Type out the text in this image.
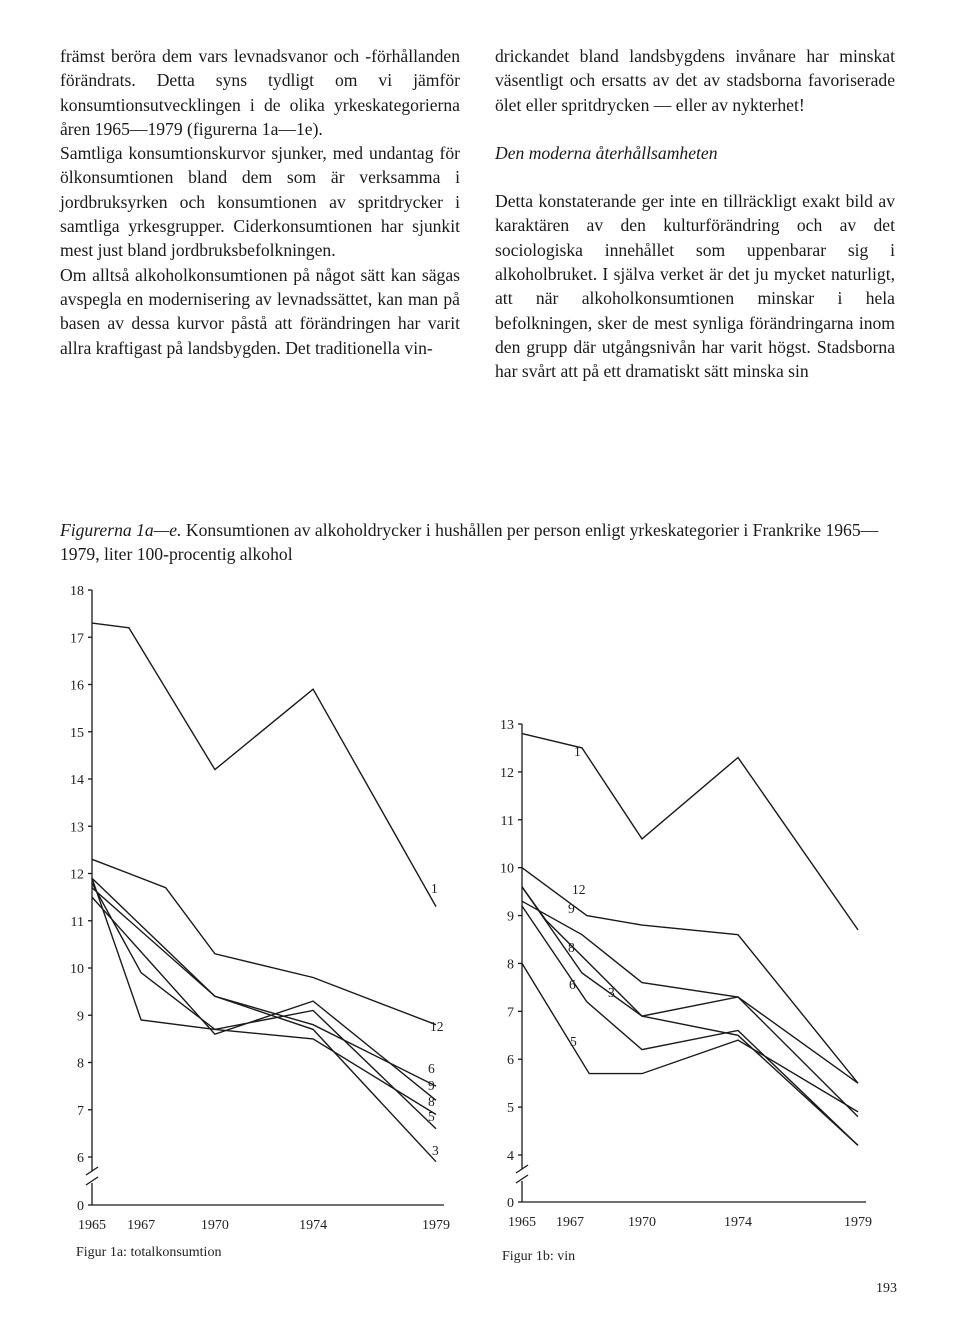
främst beröra dem vars levnadsvanor och -förhållanden förändrats. Detta syns tydligt om vi jämför konsumtionsutvecklingen i de olika yrkeskategorierna åren 1965—1979 (figurerna 1a—1e).

Samtliga konsumtionskurvor sjunker, med undantag för ölkonsumtionen bland dem som är verksamma i jordbruksyrken och konsumtionen av spritdrycker i samtliga yrkesgrupper. Ciderkonsumtionen har sjunkit mest just bland jordbruksbefolkningen.

Om alltså alkoholkonsumtionen på något sätt kan sägas avspegla en modernisering av levnadssättet, kan man på basen av dessa kurvor påstå att förändringen har varit allra kraftigast på landsbygden. Det traditionella vin-

drickandet bland landsbygdens invånare har minskat väsentligt och ersatts av det av stadsborna favoriserade ölet eller spritdrycken — eller av nykterhet!

Den moderna återhållsamheten

Detta konstaterande ger inte en tillräckligt exakt bild av karaktären av den kulturförändring och av det sociologiska innehållet som uppenbarar sig i alkoholbruket. I själva verket är det ju mycket naturligt, att när alkoholkonsumtionen minskar i hela befolkningen, sker de mest synliga förändringarna inom den grupp där utgångsnivån har varit högst. Stadsborna har svårt att på ett dramatiskt sätt minska sin

Figurerna 1a—e. Konsumtionen av alkoholdrycker i hushållen per person enligt yrkeskategorier i Frankrike 1965—1979, liter 100-procentig alkohol
0
6
7
8
9
10
11
12
13
14
15
16
17
18
1965 1967	1970	1974	1979
1
12
6
9
8
5
3
Figur 1a: totalkonsumtion
0
4
5
6
7
8
9
10
11
12
13
1965 1967	1970	1974	1979
1
12
9
8
6
3
5
Figur 1b: vin
193
